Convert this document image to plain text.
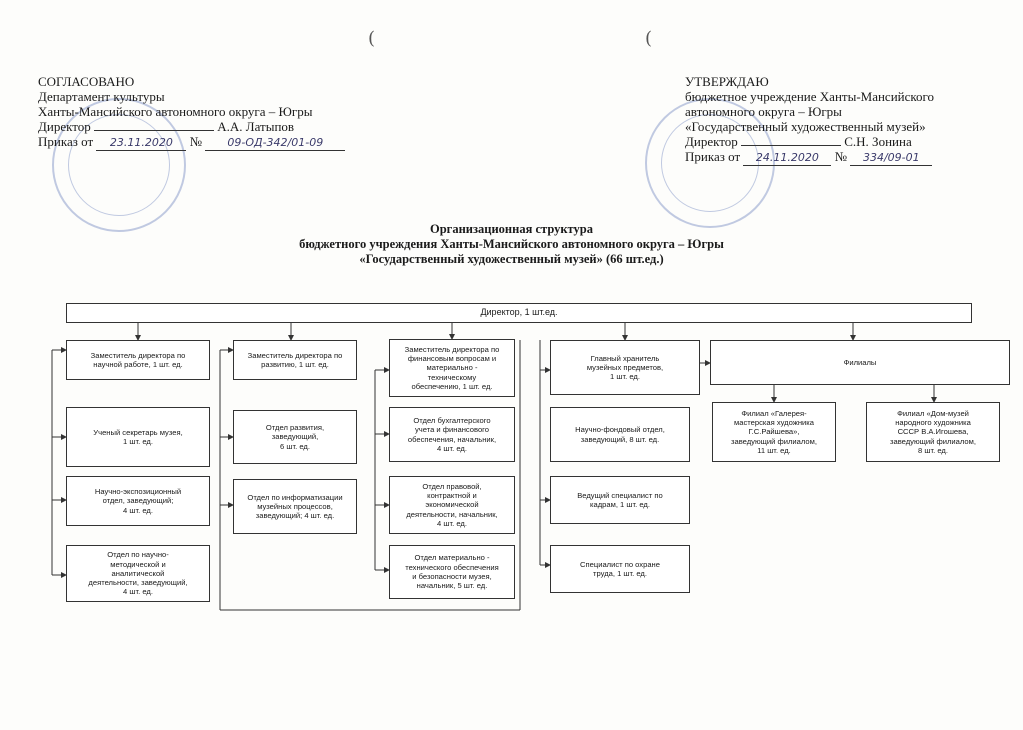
(	(
СОГЛАСОВАНО
Департамент культуры
Ханты-Мансийского автономного округа – Югры
Директор	А.А. Латыпов
Приказ от 23.11.2020 № 09-ОД-342/01-09
УТВЕРЖДАЮ
бюджетное учреждение Ханты-Мансийского
автономного округа – Югры
«Государственный художественный музей»
Директор	С.Н. Зонина
Приказ от 24.11.2020 № 334/09-01
Организационная структура
бюджетного учреждения Ханты-Мансийского автономного округа – Югры
«Государственный художественный музей» (66 шт.ед.)
Директор, 1 шт.ед.
Заместитель директора по
научной работе, 1 шт. ед.
Ученый секретарь музея,
1 шт. ед.
Научно-экспозиционный
отдел, заведующий;
4 шт. ед.
Отдел по научно-
методической и
аналитической
деятельности, заведующий,
4 шт. ед.
Заместитель директора по
развитию, 1 шт. ед.
Отдел развития,
заведующий,
6 шт. ед.
Отдел по информатизации
музейных процессов,
заведующий; 4 шт. ед.
Заместитель директора по
финансовым вопросам и
материально -
техническому
обеспечению, 1 шт. ед.
Отдел бухгалтерского
учета и финансового
обеспечения, начальник,
4 шт. ед.
Отдел правовой,
контрактной и
экономической
деятельности, начальник,
4 шт. ед.
Отдел материально -
технического обеспечения
и безопасности музея,
начальник, 5 шт. ед.
Главный хранитель
музейных предметов,
1 шт. ед.
Научно-фондовый отдел,
заведующий, 8 шт. ед.
Ведущий специалист по
кадрам, 1 шт. ед.
Специалист по охране
труда, 1 шт. ед.
Филиалы
Филиал «Галерея-
мастерская художника
Г.С.Райшева»,
заведующий филиалом,
11 шт. ед.
Филиал «Дом-музей
народного художника
СССР В.А.Игошева,
заведующий филиалом,
8 шт. ед.
